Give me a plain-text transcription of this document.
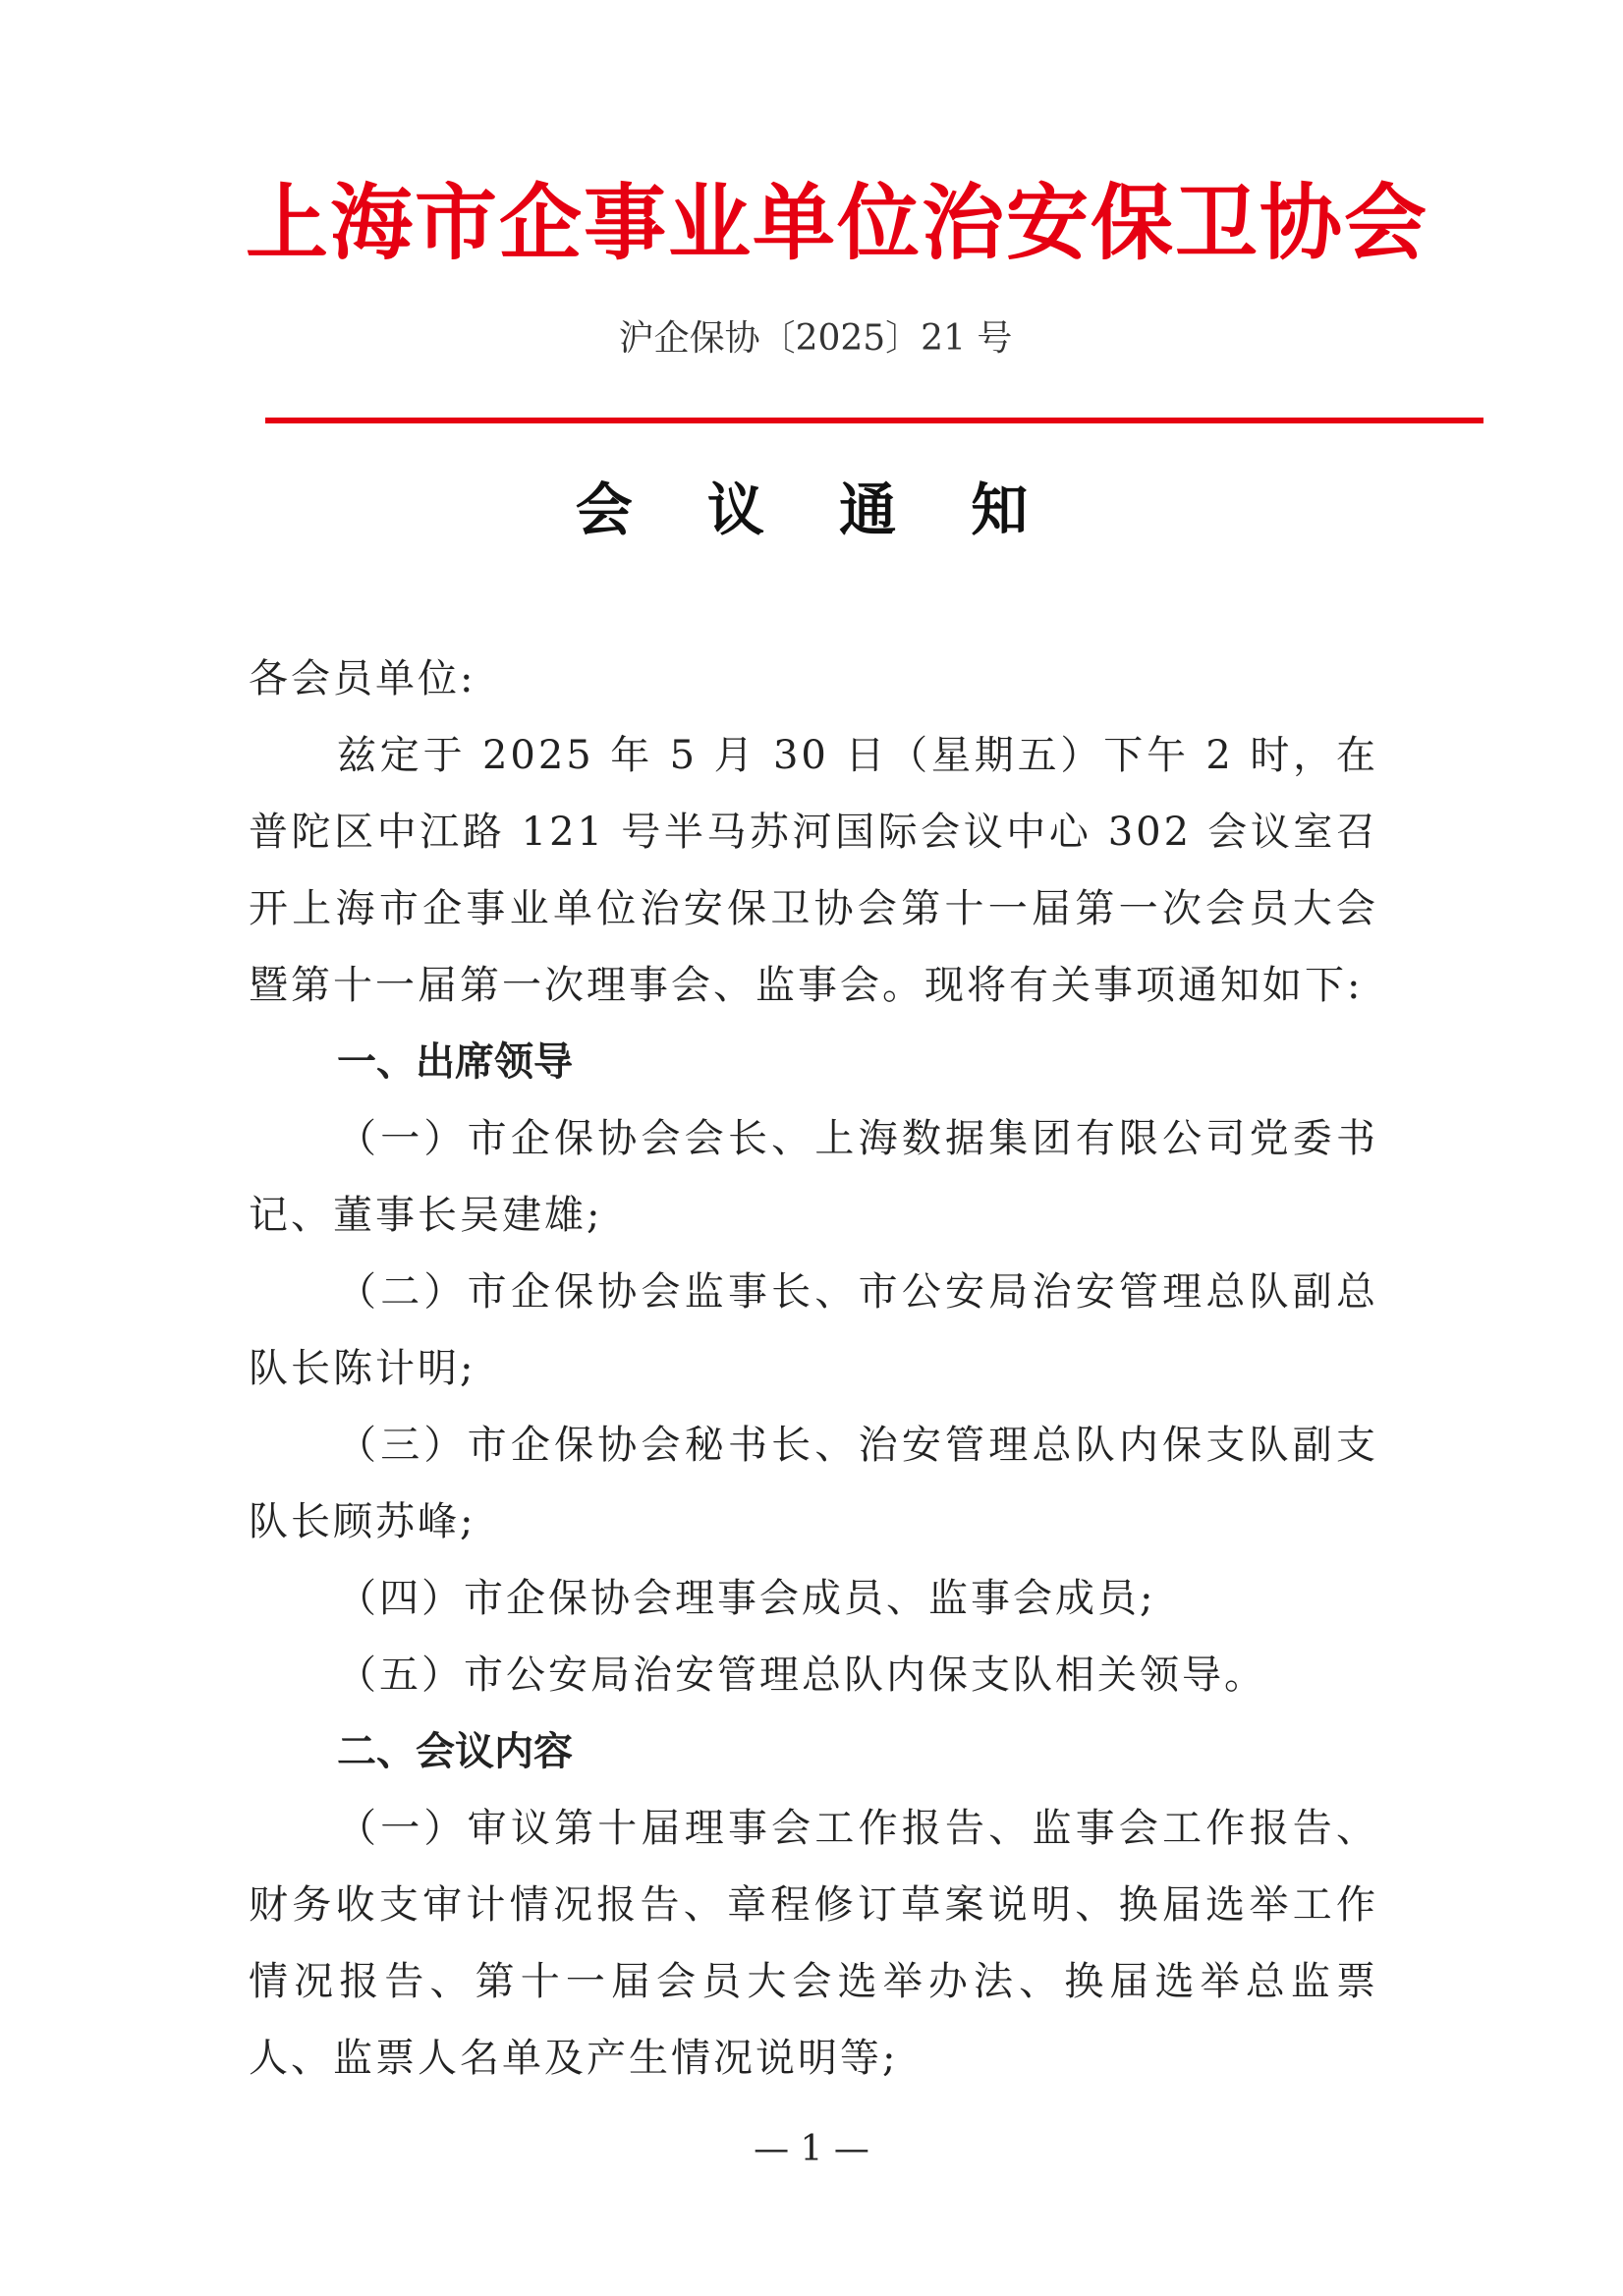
上海市企事业单位治安保卫协会
沪企保协〔2025〕21 号
会 议 通 知

各会员单位:

兹定于 2025 年 5 月 30 日（星期五）下午 2 时，在普陀区中江路 121 号半马苏河国际会议中心 302 会议室召开上海市企事业单位治安保卫协会第十一届第一次会员大会暨第十一届第一次理事会、监事会。现将有关事项通知如下:

一、出席领导

（一）市企保协会会长、上海数据集团有限公司党委书记、董事长吴建雄;

（二）市企保协会监事长、市公安局治安管理总队副总队长陈计明;

（三）市企保协会秘书长、治安管理总队内保支队副支队长顾苏峰;

（四）市企保协会理事会成员、监事会成员;

（五）市公安局治安管理总队内保支队相关领导。

二、会议内容

（一）审议第十届理事会工作报告、监事会工作报告、财务收支审计情况报告、章程修订草案说明、换届选举工作情况报告、第十一届会员大会选举办法、换届选举总监票人、监票人名单及产生情况说明等;

— 1 —
